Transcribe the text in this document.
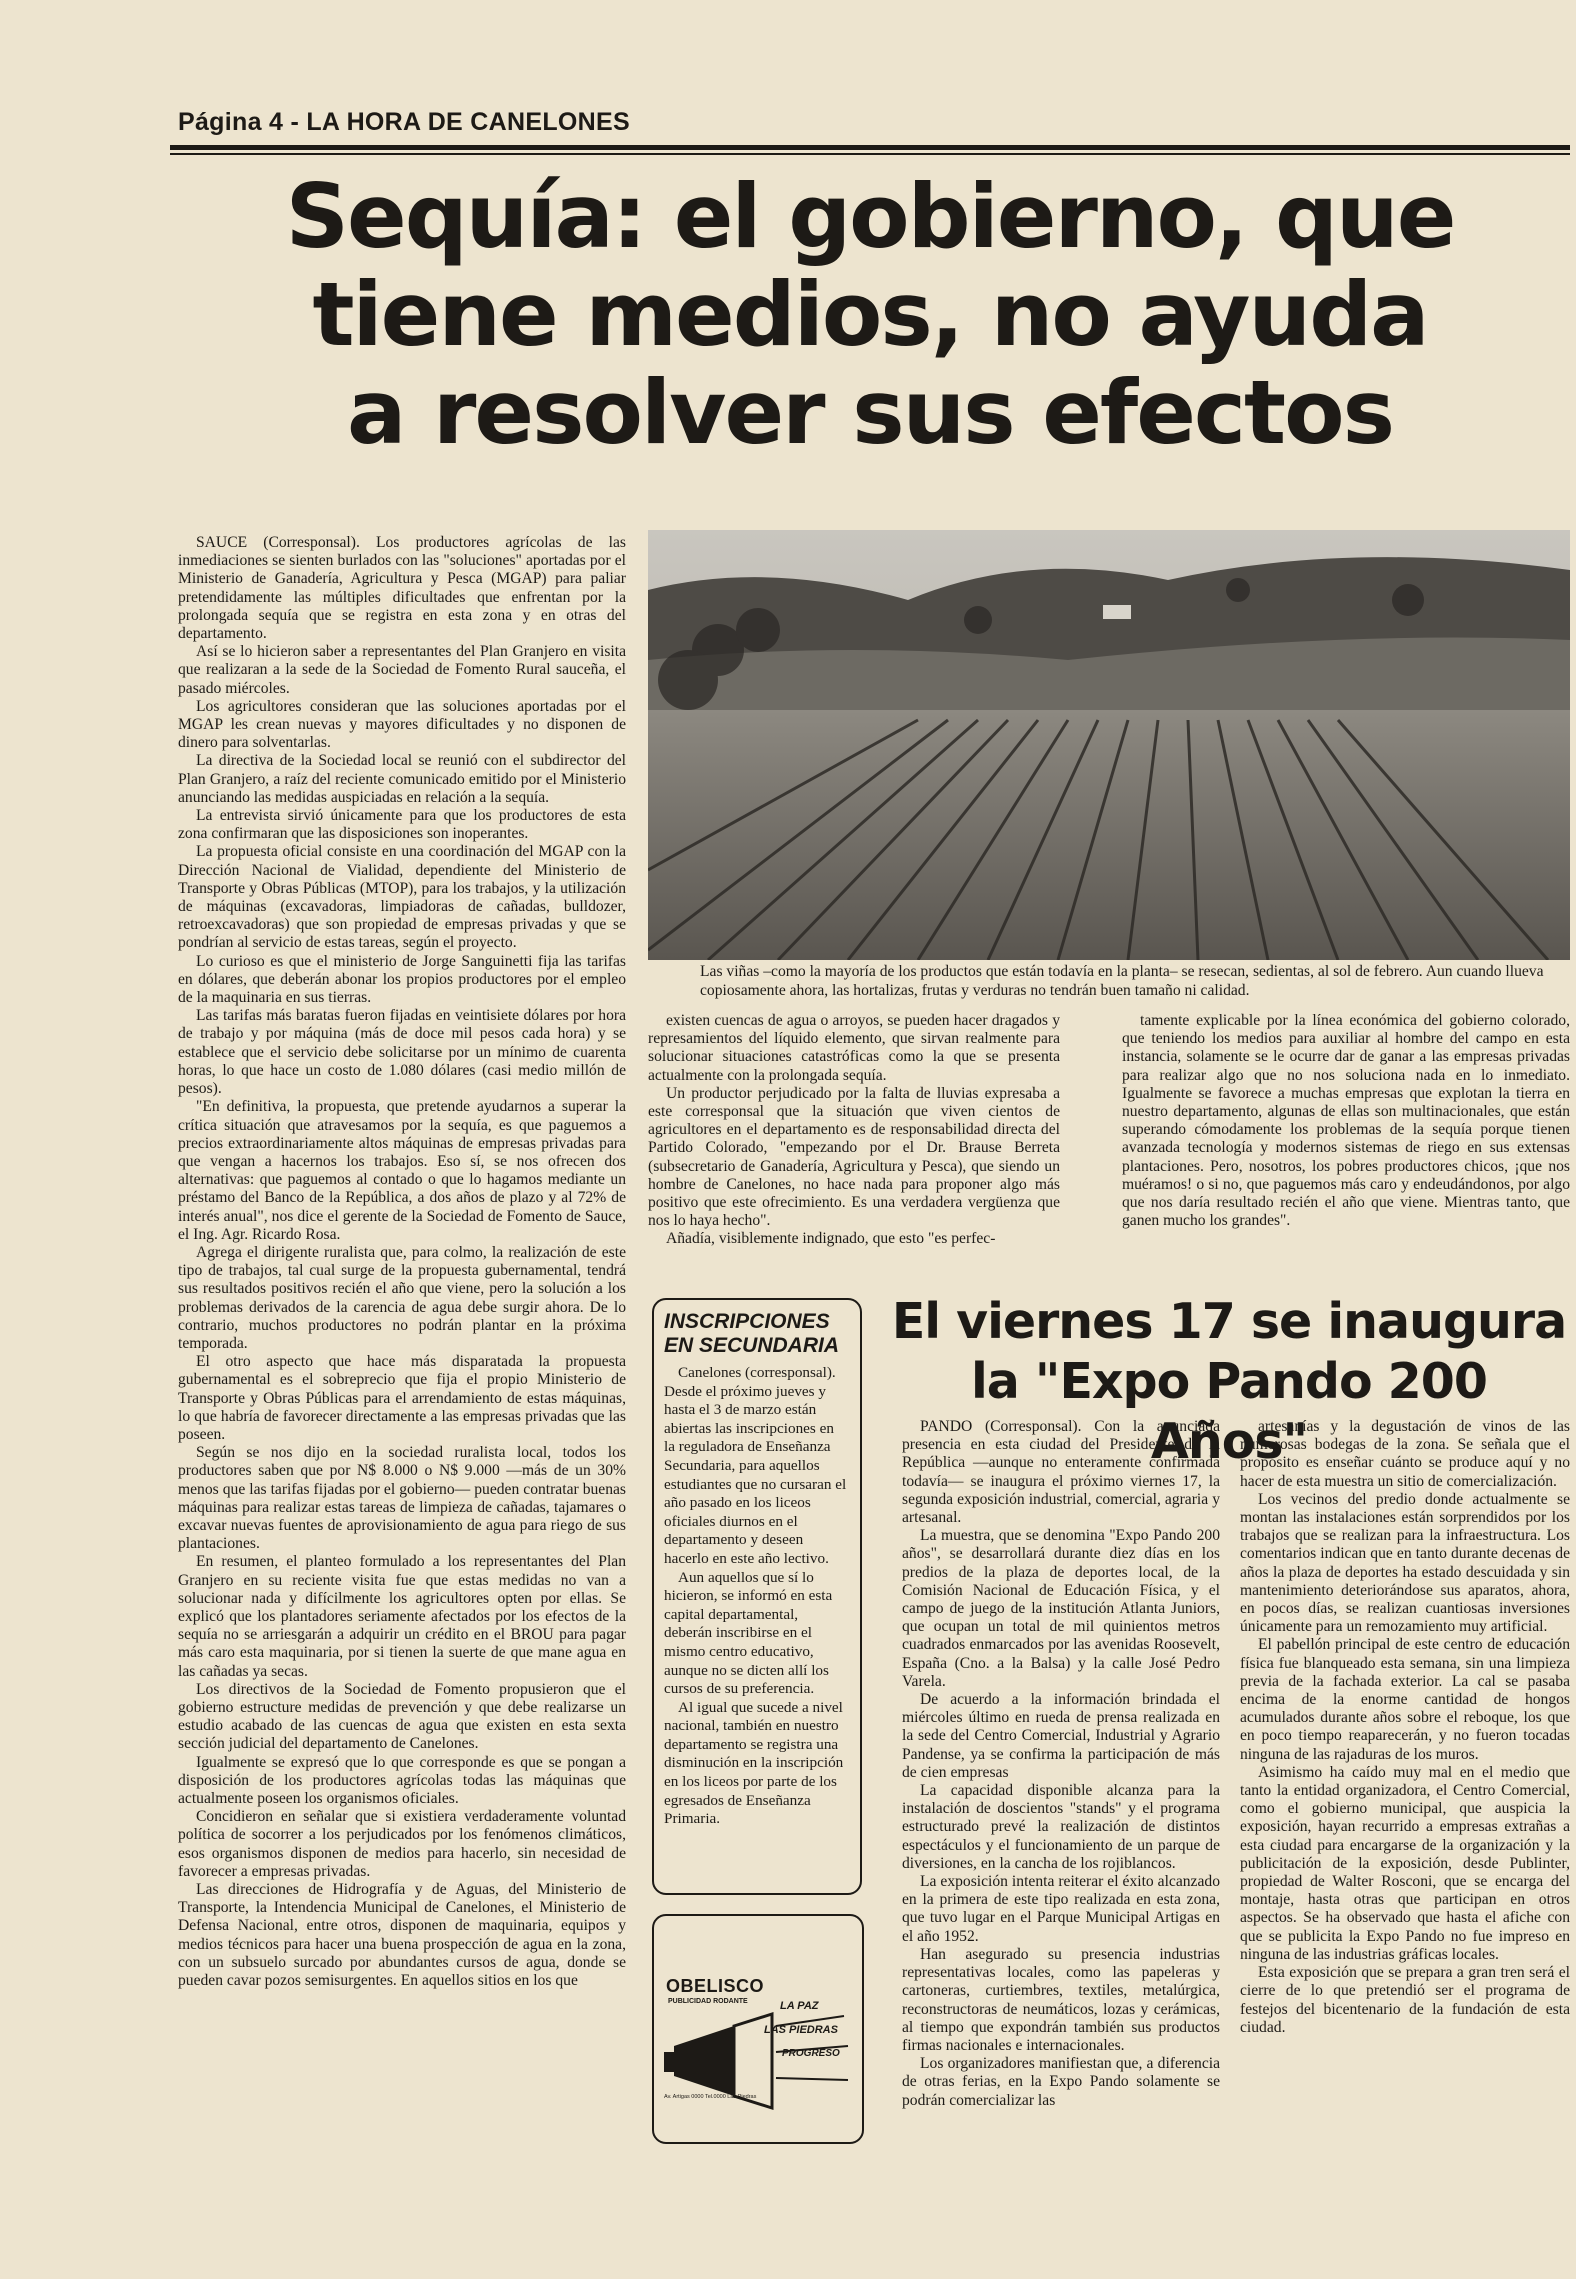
Página 4 - LA HORA DE CANELONES
Sequía: el gobierno, que
tiene medios, no ayuda
a resolver sus efectos

SAUCE (Corresponsal). Los productores agrícolas de las inmediaciones se sienten burlados con las "soluciones" aportadas por el Ministerio de Ganadería, Agricultura y Pesca (MGAP) para paliar pretendidamente las múltiples dificultades que enfrentan por la prolongada sequía que se registra en esta zona y en otras del departamento.

Así se lo hicieron saber a representantes del Plan Granjero en visita que realizaran a la sede de la Sociedad de Fomento Rural sauceña, el pasado miércoles.

Los agricultores consideran que las soluciones aportadas por el MGAP les crean nuevas y mayores dificultades y no disponen de dinero para solventarlas.

La directiva de la Sociedad local se reunió con el subdirector del Plan Granjero, a raíz del reciente comunicado emitido por el Ministerio anunciando las medidas auspiciadas en relación a la sequía.

La entrevista sirvió únicamente para que los productores de esta zona confirmaran que las disposiciones son inoperantes.

La propuesta oficial consiste en una coordinación del MGAP con la Dirección Nacional de Vialidad, dependiente del Ministerio de Transporte y Obras Públicas (MTOP), para los trabajos, y la utilización de máquinas (excavadoras, limpiadoras de cañadas, bulldozer, retroexcavadoras) que son propiedad de empresas privadas y que se pondrían al servicio de estas tareas, según el proyecto.

Lo curioso es que el ministerio de Jorge Sanguinetti fija las tarifas en dólares, que deberán abonar los propios productores por el empleo de la maquinaria en sus tierras.

Las tarifas más baratas fueron fijadas en veintisiete dólares por hora de trabajo y por máquina (más de doce mil pesos cada hora) y se establece que el servicio debe solicitarse por un mínimo de cuarenta horas, lo que hace un costo de 1.080 dólares (casi medio millón de pesos).

"En definitiva, la propuesta, que pretende ayudarnos a superar la crítica situación que atravesamos por la sequía, es que paguemos a precios extraordinariamente altos máquinas de empresas privadas para que vengan a hacernos los trabajos. Eso sí, se nos ofrecen dos alternativas: que paguemos al contado o que lo hagamos mediante un préstamo del Banco de la República, a dos años de plazo y al 72% de interés anual", nos dice el gerente de la Sociedad de Fomento de Sauce, el Ing. Agr. Ricardo Rosa.

Agrega el dirigente ruralista que, para colmo, la realización de este tipo de trabajos, tal cual surge de la propuesta gubernamental, tendrá sus resultados positivos recién el año que viene, pero la solución a los problemas derivados de la carencia de agua debe surgir ahora. De lo contrario, muchos productores no podrán plantar en la próxima temporada.

El otro aspecto que hace más disparatada la propuesta gubernamental es el sobreprecio que fija el propio Ministerio de Transporte y Obras Públicas para el arrendamiento de estas máquinas, lo que habría de favorecer directamente a las empresas privadas que las poseen.

Según se nos dijo en la sociedad ruralista local, todos los productores saben que por N$ 8.000 o N$ 9.000 —más de un 30% menos que las tarifas fijadas por el gobierno— pueden contratar buenas máquinas para realizar estas tareas de limpieza de cañadas, tajamares o excavar nuevas fuentes de aprovisionamiento de agua para riego de sus plantaciones.

En resumen, el planteo formulado a los representantes del Plan Granjero en su reciente visita fue que estas medidas no van a solucionar nada y difícilmente los agricultores opten por ellas. Se explicó que los plantadores seriamente afectados por los efectos de la sequía no se arriesgarán a adquirir un crédito en el BROU para pagar más caro esta maquinaria, por si tienen la suerte de que mane agua en las cañadas ya secas.

Los directivos de la Sociedad de Fomento propusieron que el gobierno estructure medidas de prevención y que debe realizarse un estudio acabado de las cuencas de agua que existen en esta sexta sección judicial del departamento de Canelones.

Igualmente se expresó que lo que corresponde es que se pongan a disposición de los productores agrícolas todas las máquinas que actualmente poseen los organismos oficiales.

Concidieron en señalar que si existiera verdaderamente voluntad política de socorrer a los perjudicados por los fenómenos climáticos, esos organismos disponen de medios para hacerlo, sin necesidad de favorecer a empresas privadas.

Las direcciones de Hidrografía y de Aguas, del Ministerio de Transporte, la Intendencia Municipal de Canelones, el Ministerio de Defensa Nacional, entre otros, disponen de maquinaria, equipos y medios técnicos para hacer una buena prospección de agua en la zona, con un subsuelo surcado por abundantes cursos de agua, donde se pueden cavar pozos semisurgentes. En aquellos sitios en los que

Las viñas –como la mayoría de los productos que están todavía en la planta– se resecan, sedientas, al sol de febrero. Aun cuando llueva copiosamente ahora, las hortalizas, frutas y verduras no tendrán buen tamaño ni calidad.

existen cuencas de agua o arroyos, se pueden hacer dragados y represamientos del líquido elemento, que sirvan realmente para solucionar situaciones catastróficas como la que se presenta actualmente con la prolongada sequía.

Un productor perjudicado por la falta de lluvias expresaba a este corresponsal que la situación que viven cientos de agricultores en el departamento es de responsabilidad directa del Partido Colorado, "empezando por el Dr. Brause Berreta (subsecretario de Ganadería, Agricultura y Pesca), que siendo un hombre de Canelones, no hace nada para proponer algo más positivo que este ofrecimiento. Es una verdadera vergüenza que nos lo haya hecho".

Añadía, visiblemente indignado, que esto "es perfec-

tamente explicable por la línea económica del gobierno colorado, que teniendo los medios para auxiliar al hombre del campo en esta instancia, solamente se le ocurre dar de ganar a las empresas privadas para realizar algo que no nos soluciona nada en lo inmediato. Igualmente se favorece a muchas empresas que explotan la tierra en nuestro departamento, algunas de ellas son multinacionales, que están superando cómodamente los problemas de la sequía porque tienen avanzada tecnología y modernos sistemas de riego en sus extensas plantaciones. Pero, nosotros, los pobres productores chicos, ¡que nos muéramos! o si no, que paguemos más caro y endeudándonos, por algo que nos daría resultado recién el año que viene. Mientras tanto, que ganen mucho los grandes".

INSCRIPCIONES
EN SECUNDARIA

Canelones (corresponsal). Desde el próximo jueves y hasta el 3 de marzo están abiertas las inscripciones en la reguladora de Enseñanza Secundaria, para aquellos estudiantes que no cursaran el año pasado en los liceos oficiales diurnos en el departamento y deseen hacerlo en este año lectivo.

Aun aquellos que sí lo hicieron, se informó en esta capital departamental, deberán inscribirse en el mismo centro educativo, aunque no se dicten allí los cursos de su preferencia.

Al igual que sucede a nivel nacional, también en nuestro departamento se registra una disminución en la inscripción en los liceos por parte de los egresados de Enseñanza Primaria.

El viernes 17 se inaugura
la "Expo Pando 200 Años"

PANDO (Corresponsal). Con la anunciada presencia en esta ciudad del Presidente de la República —aunque no enteramente confirmada todavía— se inaugura el próximo viernes 17, la segunda exposición industrial, comercial, agraria y artesanal.

La muestra, que se denomina "Expo Pando 200 años", se desarrollará durante diez días en los predios de la plaza de deportes local, de la Comisión Nacional de Educación Física, y el campo de juego de la institución Atlanta Juniors, que ocupan un total de mil quinientos metros cuadrados enmarcados por las avenidas Roosevelt, España (Cno. a la Balsa) y la calle José Pedro Varela.

De acuerdo a la información brindada el miércoles último en rueda de prensa realizada en la sede del Centro Comercial, Industrial y Agrario Pandense, ya se confirma la participación de más de cien empresas

La capacidad disponible alcanza para la instalación de doscientos "stands" y el programa estructurado prevé la realización de distintos espectáculos y el funcionamiento de un parque de diversiones, en la cancha de los rojiblancos.

La exposición intenta reiterar el éxito alcanzado en la primera de este tipo realizada en esta zona, que tuvo lugar en el Parque Municipal Artigas en el año 1952.

Han asegurado su presencia industrias representativas locales, como las papeleras y cartoneras, curtiembres, textiles, metalúrgica, reconstructoras de neumáticos, lozas y cerámicas, al tiempo que expondrán también sus productos firmas nacionales e internacionales.

Los organizadores manifiestan que, a diferencia de otras ferias, en la Expo Pando solamente se podrán comercializar las

artesanías y la degustación de vinos de las numerosas bodegas de la zona. Se señala que el propósito es enseñar cuánto se produce aquí y no hacer de esta muestra un sitio de comercialización.

Los vecinos del predio donde actualmente se montan las instalaciones están sorprendidos por los trabajos que se realizan para la infraestructura. Los comentarios indican que en tanto durante decenas de años la plaza de deportes ha estado descuidada y sin mantenimiento deteriorándose sus aparatos, ahora, en pocos días, se realizan cuantiosas inversiones únicamente para un remozamiento muy artificial.

El pabellón principal de este centro de educación física fue blanqueado esta semana, sin una limpieza previa de la fachada exterior. La cal se pasaba encima de la enorme cantidad de hongos acumulados durante años sobre el reboque, los que en poco tiempo reaparecerán, y no fueron tocadas ninguna de las rajaduras de los muros.

Asimismo ha caído muy mal en el medio que tanto la entidad organizadora, el Centro Comercial, como el gobierno municipal, que auspicia la exposición, hayan recurrido a empresas extrañas a esta ciudad para encargarse de la organización y la publicitación de la exposición, desde Publinter, propiedad de Walter Rosconi, que se encarga del montaje, hasta otras que participan en otros aspectos. Se ha observado que hasta el afiche con que se publicita la Expo Pando no fue impreso en ninguna de las industrias gráficas locales.

Esta exposición que se prepara a gran tren será el cierre de lo que pretendió ser el programa de festejos del bicentenario de la fundación de esta ciudad.

OBELISCO
PUBLICIDAD RODANTE	LA PAZ
LAS PIEDRAS
PROGRESO
Av. Artigas 0000 Tel.0000 Las Piedras
